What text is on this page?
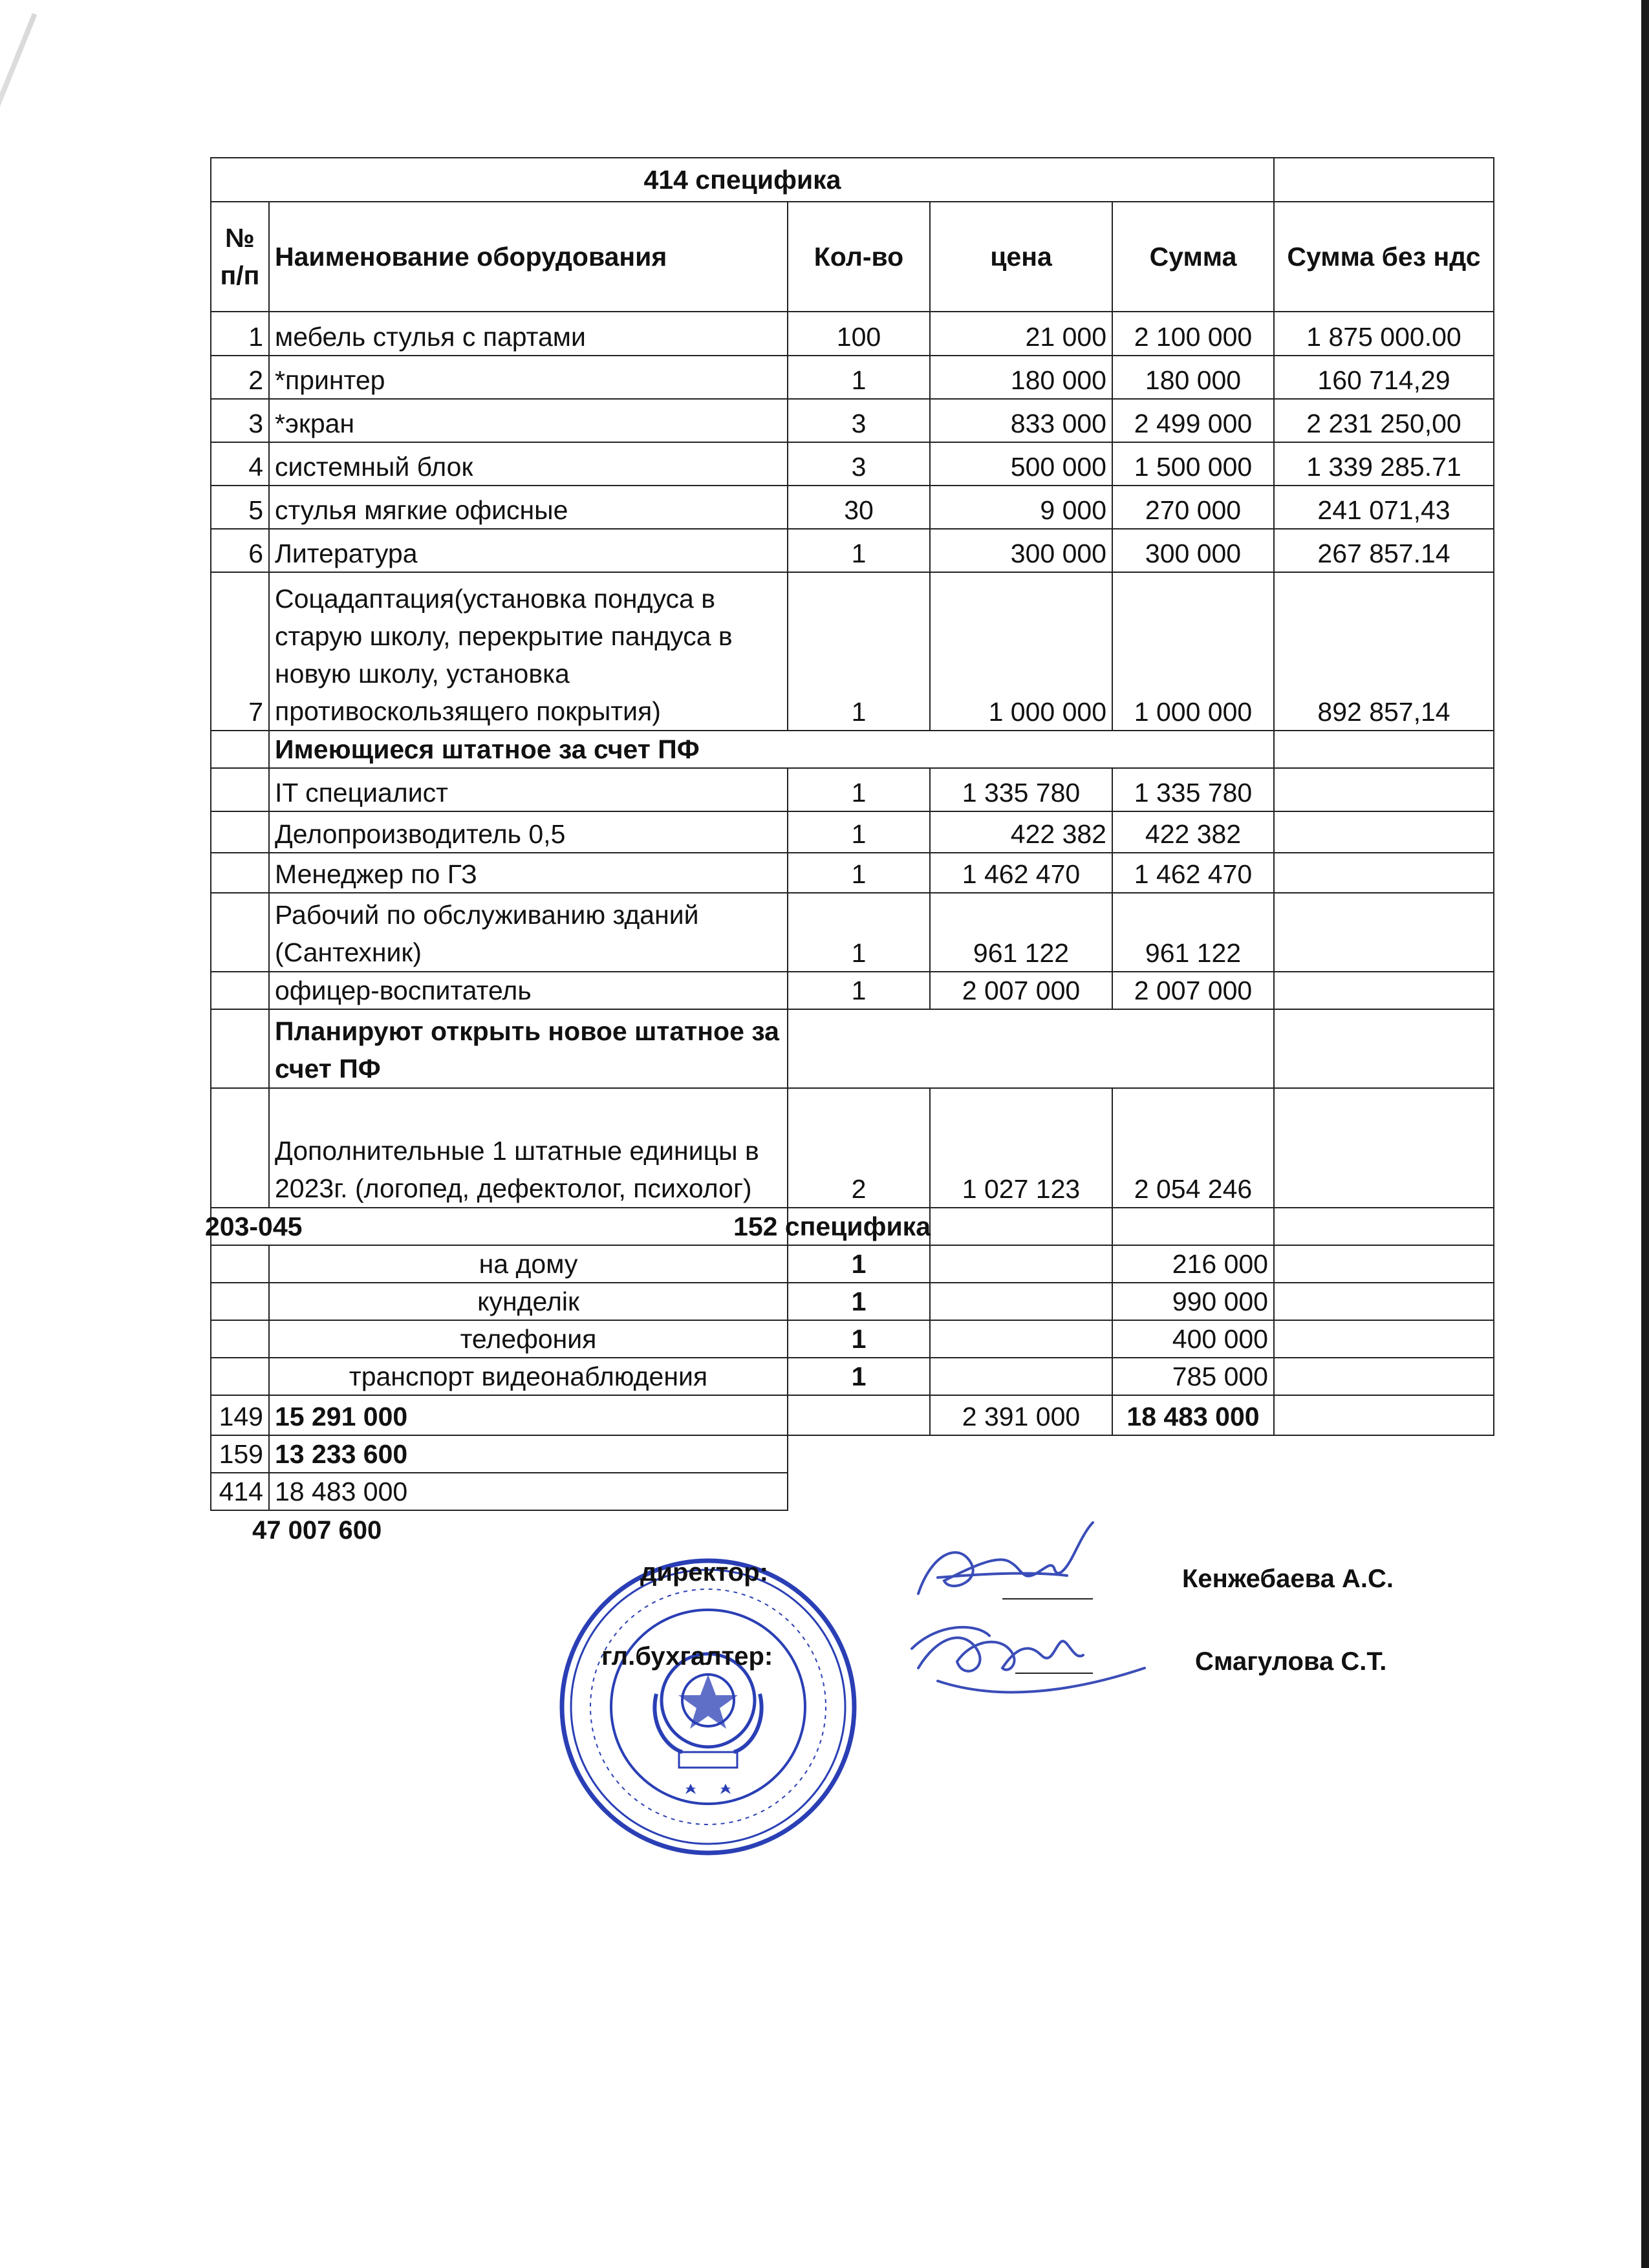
414 специфика					
№ п/п	Наименование оборудования	Кол-во	цена	Сумма	Сумма без ндс
1	мебель стулья с партами	100	21 000	2 100 000	1 875 000.00
2	*принтер	1	180 000	180 000	160 714,29
3	*экран	3	833 000	2 499 000	2 231 250,00
4	системный блок	3	500 000	1 500 000	1 339 285.71
5	стулья мягкие офисные	30	9 000	270 000	241 071,43
6	Литература	1	300 000	300 000	267 857.14
7	Соцадаптация(установка пондуса в старую школу, перекрытие пандуса в новую школу, установка противоскользящего покрытия)	1	1 000 000	1 000 000	892 857,14
	Имеющиеся штатное за счет ПФ				
	IT специалист	1	1 335 780	1 335 780	
	Делопроизводитель 0,5	1	422 382	422 382	
	Менеджер по ГЗ	1	1 462 470	1 462 470	
	Рабочий по обслуживанию зданий (Сантехник)	1	961 122	961 122	
	офицер-воспитатель	1	2 007 000	2 007 000	
	Планируют открыть новое штатное за счет ПФ				
	Дополнительные 1 штатные единицы в 2023г. (логопед, дефектолог, психолог)	2	1 027 123	2 054 246	

203-045 152 специфика					

	на дому	1		216 000	
	кунделік	1		990 000	
	телефония	1		400 000	
	транспорт видеонаблюдения	1		785 000	
149	15 291 000		2 391 000	18 483 000	
159	13 233 600				
414	18 483 000				
47 007 600
директор:
гл.бухгалтер:
Кенжебаева А.С.
Смагулова С.Т.
